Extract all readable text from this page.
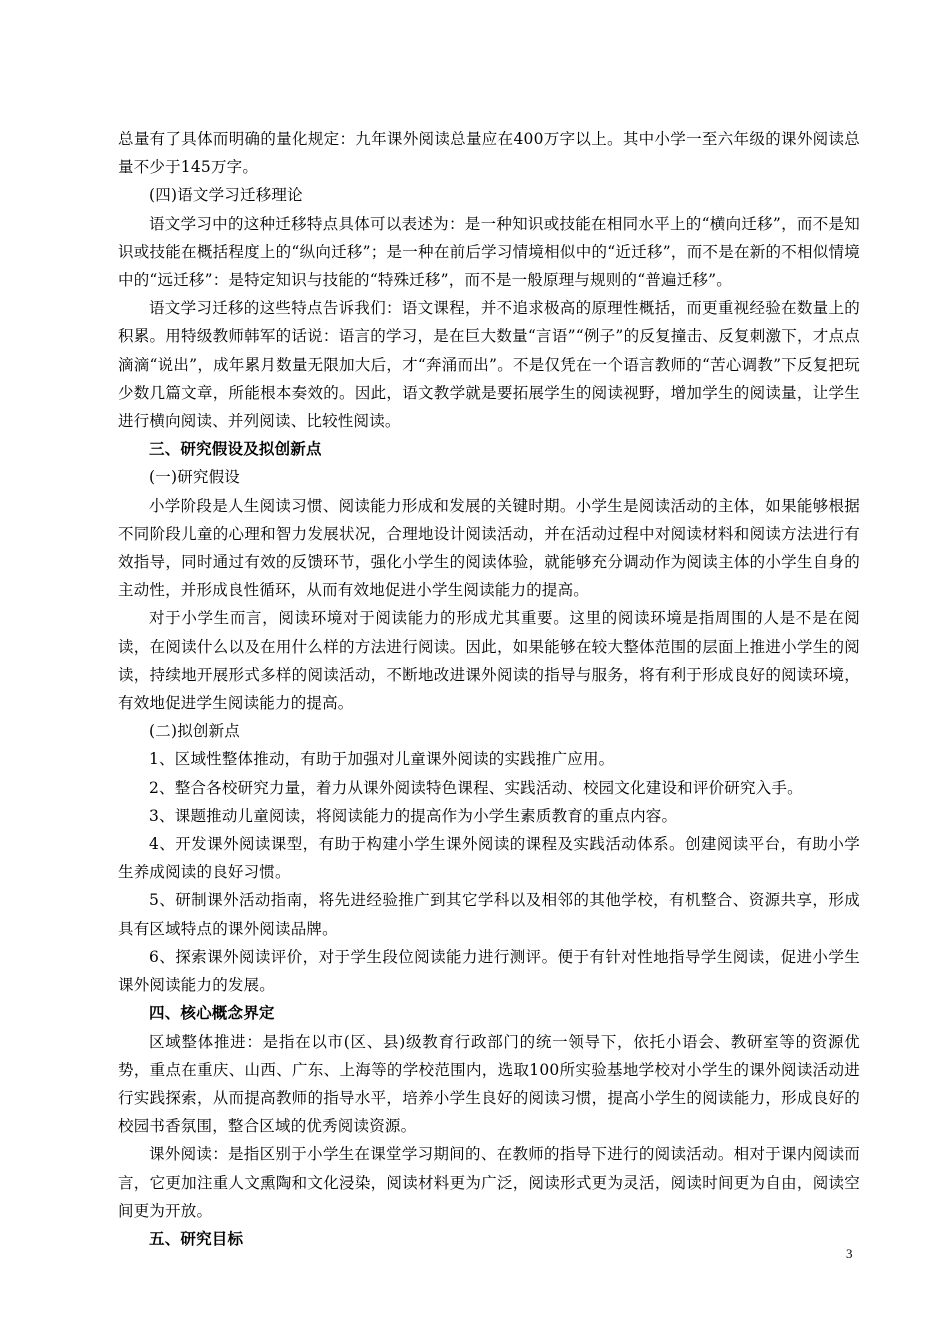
总量有了具体而明确的量化规定：九年课外阅读总量应在400万字以上。其中小学一至六年级的课外阅读总量不少于145万字。

(四)语文学习迁移理论

语文学习中的这种迁移特点具体可以表述为：是一种知识或技能在相同水平上的“横向迁移”，而不是知识或技能在概括程度上的“纵向迁移”；是一种在前后学习情境相似中的“近迁移”，而不是在新的不相似情境中的“远迁移”：是特定知识与技能的“特殊迁移”，而不是一般原理与规则的“普遍迁移”。

语文学习迁移的这些特点告诉我们：语文课程，并不追求极高的原理性概括，而更重视经验在数量上的积累。用特级教师韩军的话说：语言的学习，是在巨大数量“言语”“例子”的反复撞击、反复刺激下，才点点滴滴“说出”，成年累月数量无限加大后，才“奔涌而出”。不是仅凭在一个语言教师的“苦心调教”下反复把玩少数几篇文章，所能根本奏效的。因此，语文教学就是要拓展学生的阅读视野，增加学生的阅读量，让学生进行横向阅读、并列阅读、比较性阅读。

三、研究假设及拟创新点

(一)研究假设

小学阶段是人生阅读习惯、阅读能力形成和发展的关键时期。小学生是阅读活动的主体，如果能够根据不同阶段儿童的心理和智力发展状况，合理地设计阅读活动，并在活动过程中对阅读材料和阅读方法进行有效指导，同时通过有效的反馈环节，强化小学生的阅读体验，就能够充分调动作为阅读主体的小学生自身的主动性，并形成良性循环，从而有效地促进小学生阅读能力的提高。

对于小学生而言，阅读环境对于阅读能力的形成尤其重要。这里的阅读环境是指周围的人是不是在阅读，在阅读什么以及在用什么样的方法进行阅读。因此，如果能够在较大整体范围的层面上推进小学生的阅读，持续地开展形式多样的阅读活动，不断地改进课外阅读的指导与服务，将有利于形成良好的阅读环境，有效地促进学生阅读能力的提高。

(二)拟创新点

1、区域性整体推动，有助于加强对儿童课外阅读的实践推广应用。

2、整合各校研究力量，着力从课外阅读特色课程、实践活动、校园文化建设和评价研究入手。

3、课题推动儿童阅读，将阅读能力的提高作为小学生素质教育的重点内容。

4、开发课外阅读课型，有助于构建小学生课外阅读的课程及实践活动体系。创建阅读平台，有助小学生养成阅读的良好习惯。

5、研制课外活动指南，将先进经验推广到其它学科以及相邻的其他学校，有机整合、资源共享，形成具有区域特点的课外阅读品牌。

6、探索课外阅读评价，对于学生段位阅读能力进行测评。便于有针对性地指导学生阅读，促进小学生课外阅读能力的发展。

四、核心概念界定

区域整体推进：是指在以市(区、县)级教育行政部门的统一领导下，依托小语会、教研室等的资源优势，重点在重庆、山西、广东、上海等的学校范围内，选取100所实验基地学校对小学生的课外阅读活动进行实践探索，从而提高教师的指导水平，培养小学生良好的阅读习惯，提高小学生的阅读能力，形成良好的校园书香氛围，整合区域的优秀阅读资源。

课外阅读：是指区别于小学生在课堂学习期间的、在教师的指导下进行的阅读活动。相对于课内阅读而言，它更加注重人文熏陶和文化浸染，阅读材料更为广泛，阅读形式更为灵活，阅读时间更为自由，阅读空间更为开放。

五、研究目标

3
